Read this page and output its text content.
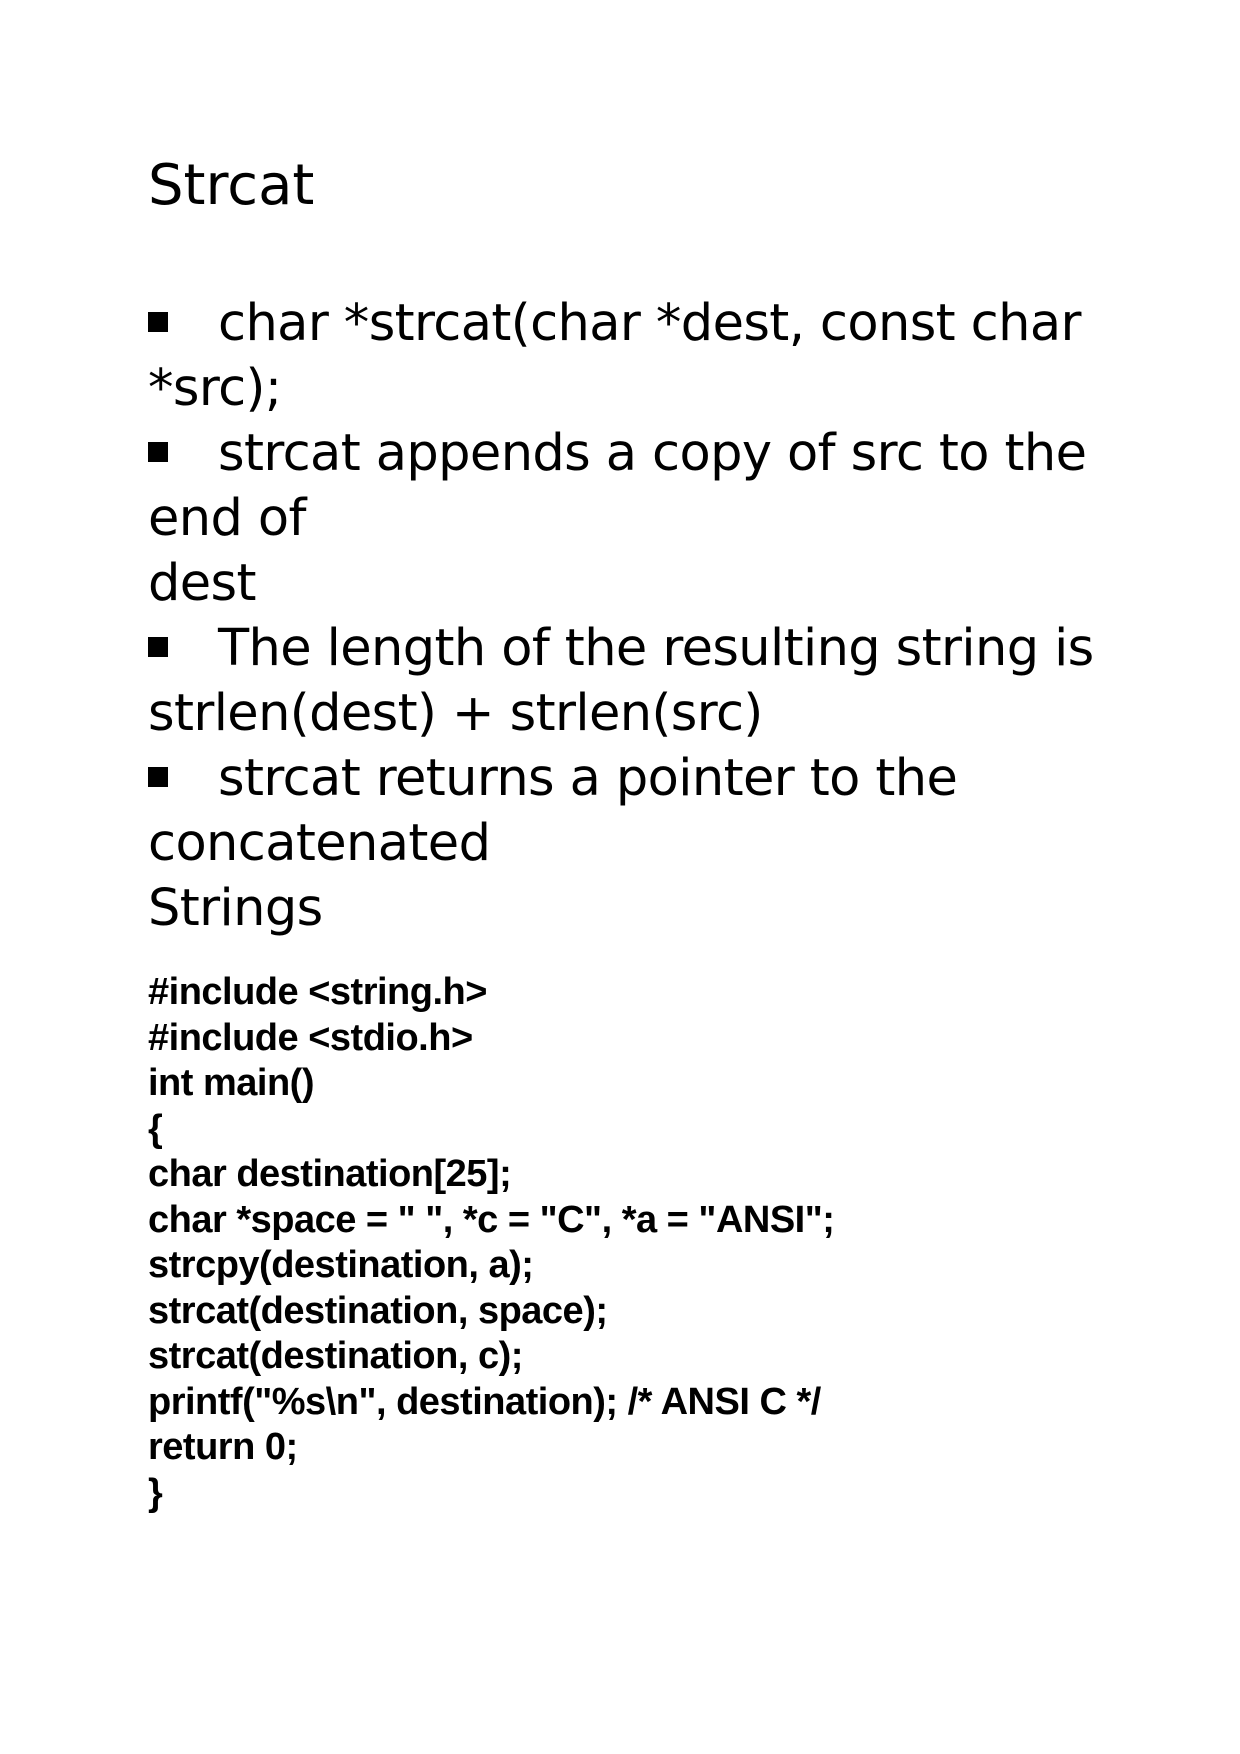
Strcat
char *strcat(char *dest, const char
*src);
strcat appends a copy of src to the
end of
dest
The length of the resulting string is
strlen(dest) + strlen(src)
strcat returns a pointer to the
concatenated
Strings
#include <string.h>
#include <stdio.h>
int main()
{
char destination[25];
char *space = " ", *c = "C", *a = "ANSI";
strcpy(destination, a);
strcat(destination, space);
strcat(destination, c);
printf("%s\n", destination); /* ANSI C */
return 0;
}
